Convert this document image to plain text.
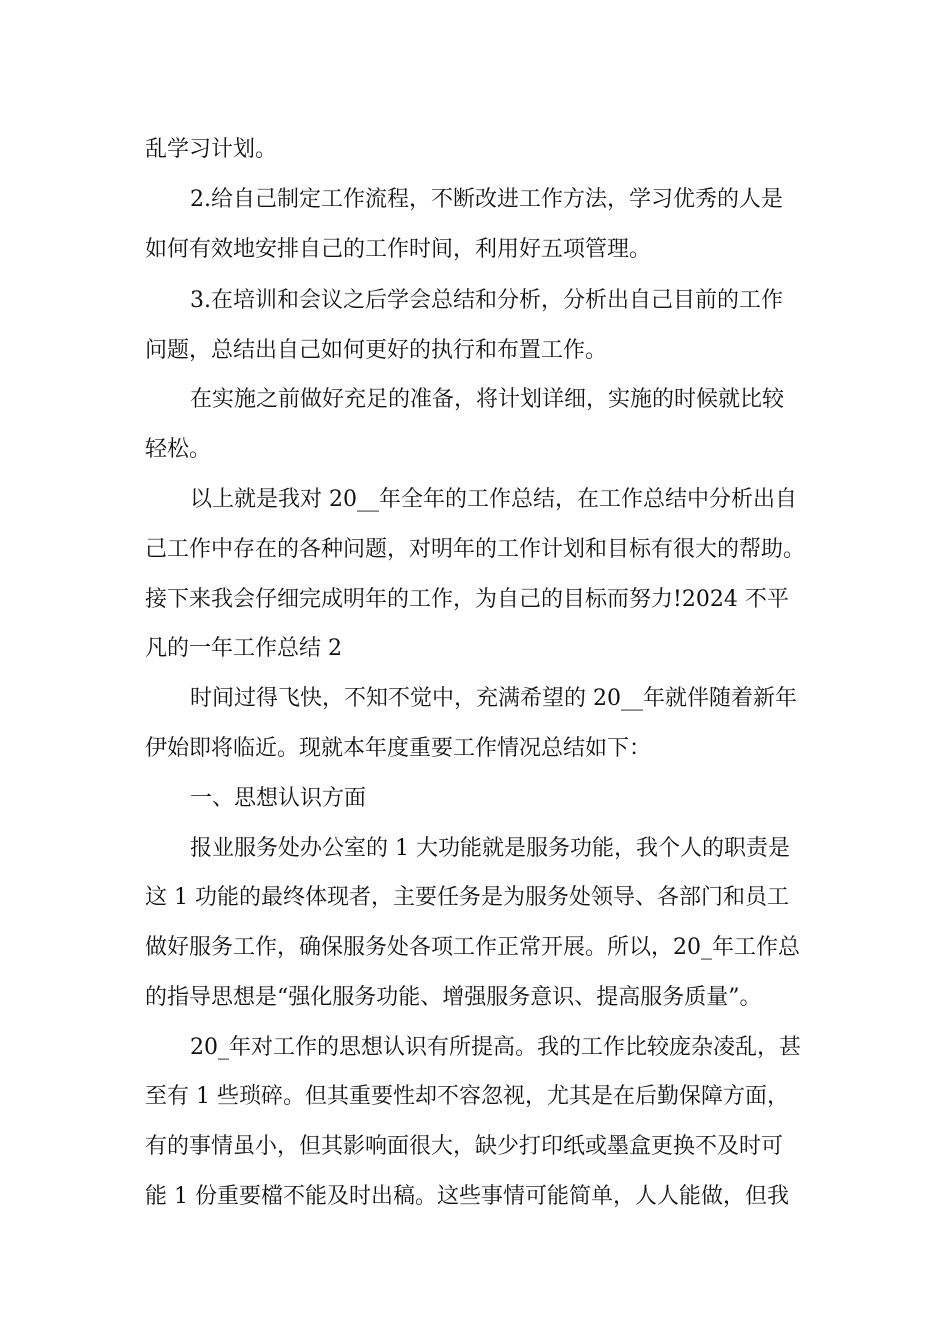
乱学习计划。
2.给自己制定工作流程，不断改进工作方法，学习优秀的人是
如何有效地安排自己的工作时间，利用好五项管理。
3.在培训和会议之后学会总结和分析，分析出自己目前的工作
问题，总结出自己如何更好的执行和布置工作。
在实施之前做好充足的准备，将计划详细，实施的时候就比较
轻松。
以上就是我对 20__年全年的工作总结，在工作总结中分析出自
己工作中存在的各种问题，对明年的工作计划和目标有很大的帮助。
接下来我会仔细完成明年的工作，为自己的目标而努力!2024 不平
凡的一年工作总结 2
时间过得飞快，不知不觉中，充满希望的 20__年就伴随着新年
伊始即将临近。现就本年度重要工作情况总结如下：
一、思想认识方面
报业服务处办公室的 1 大功能就是服务功能，我个人的职责是
这 1 功能的最终体现者，主要任务是为服务处领导、各部门和员工
做好服务工作，确保服务处各项工作正常开展。所以，20_年工作总
的指导思想是“强化服务功能、增强服务意识、提高服务质量”。
20_年对工作的思想认识有所提高。我的工作比较庞杂凌乱，甚
至有 1 些琐碎。但其重要性却不容忽视，尤其是在后勤保障方面，
有的事情虽小，但其影响面很大，缺少打印纸或墨盒更换不及时可
能 1 份重要檔不能及时出稿。这些事情可能简单，人人能做，但我
